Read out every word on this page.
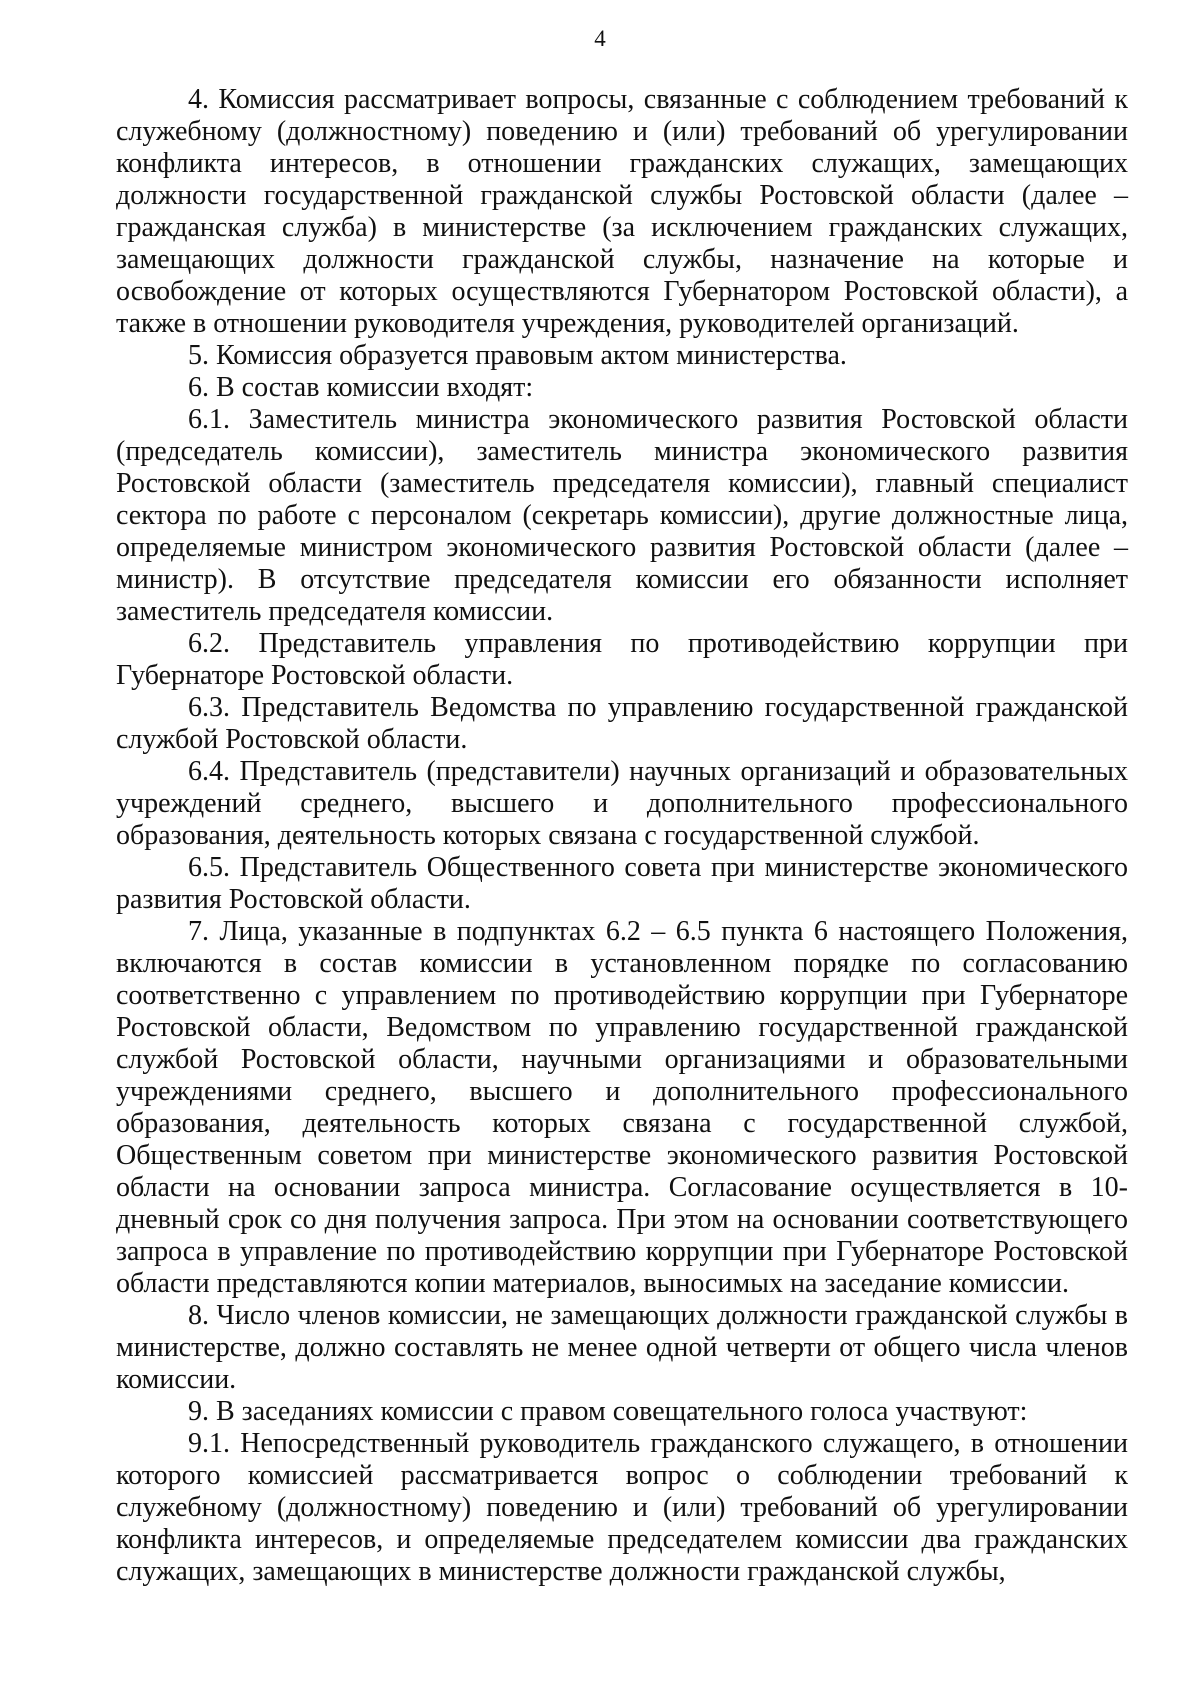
4

4. Комиссия рассматривает вопросы, связанные с соблюдением требований к служебному (должностному) поведению и (или) требований об урегулировании конфликта интересов, в отношении гражданских служащих, замещающих должности государственной гражданской службы Ростовской области (далее – гражданская служба) в министерстве (за исключением гражданских служащих, замещающих должности гражданской службы, назначение на которые и освобождение от которых осуществляются Губернатором Ростовской области), а также в отношении руководителя учреждения, руководителей организаций.

5. Комиссия образуется правовым актом министерства.

6. В состав комиссии входят:

6.1. Заместитель министра экономического развития Ростовской области (председатель комиссии), заместитель министра экономического развития Ростовской области (заместитель председателя комиссии), главный специалист сектора по работе с персоналом (секретарь комиссии), другие должностные лица, определяемые министром экономического развития Ростовской области (далее – министр). В отсутствие председателя комиссии его обязанности исполняет заместитель председателя комиссии.

6.2. Представитель управления по противодействию коррупции при Губернаторе Ростовской области.

6.3. Представитель Ведомства по управлению государственной гражданской службой Ростовской области.

6.4. Представитель (представители) научных организаций и образовательных учреждений среднего, высшего и дополнительного профессионального образования, деятельность которых связана с государственной службой.

6.5. Представитель Общественного совета при министерстве экономического развития Ростовской области.

7. Лица, указанные в подпунктах 6.2 – 6.5 пункта 6 настоящего Положения, включаются в состав комиссии в установленном порядке по согласованию соответственно с управлением по противодействию коррупции при Губернаторе Ростовской области, Ведомством по управлению государственной гражданской службой Ростовской области, научными организациями и образовательными учреждениями среднего, высшего и дополнительного профессионального образования, деятельность которых связана с государственной службой, Общественным советом при министерстве экономического развития Ростовской области на основании запроса министра. Согласование осуществляется в 10-дневный срок со дня получения запроса. При этом на основании соответствующего запроса в управление по противодействию коррупции при Губернаторе Ростовской области представляются копии материалов, выносимых на заседание комиссии.

8. Число членов комиссии, не замещающих должности гражданской службы в министерстве, должно составлять не менее одной четверти от общего числа членов комиссии.

9. В заседаниях комиссии с правом совещательного голоса участвуют:

9.1. Непосредственный руководитель гражданского служащего, в отношении которого комиссией рассматривается вопрос о соблюдении требований к служебному (должностному) поведению и (или) требований об урегулировании конфликта интересов, и определяемые председателем комиссии два гражданских служащих, замещающих в министерстве должности гражданской службы,
